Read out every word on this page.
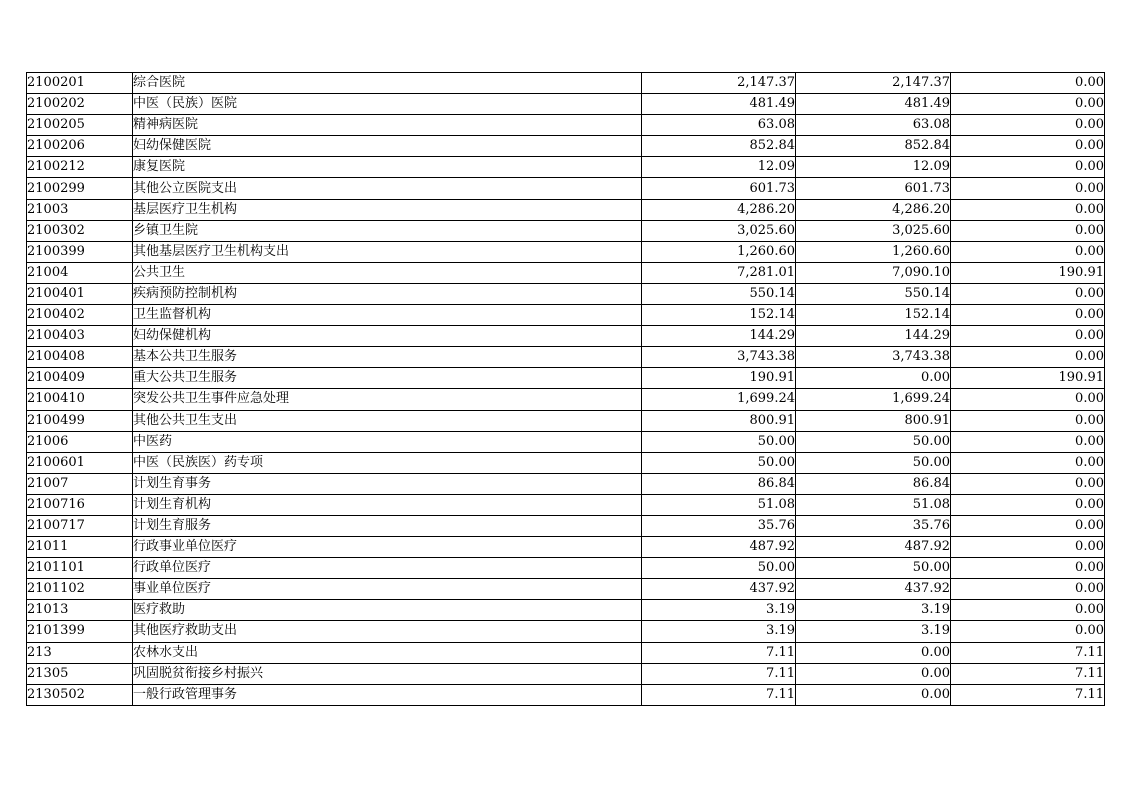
2100201	综合医院	2,147.37	2,147.37	0.00
2100202	中医（民族）医院	481.49	481.49	0.00
2100205	精神病医院	63.08	63.08	0.00
2100206	妇幼保健医院	852.84	852.84	0.00
2100212	康复医院	12.09	12.09	0.00
2100299	其他公立医院支出	601.73	601.73	0.00
21003	基层医疗卫生机构	4,286.20	4,286.20	0.00
2100302	乡镇卫生院	3,025.60	3,025.60	0.00
2100399	其他基层医疗卫生机构支出	1,260.60	1,260.60	0.00
21004	公共卫生	7,281.01	7,090.10	190.91
2100401	疾病预防控制机构	550.14	550.14	0.00
2100402	卫生监督机构	152.14	152.14	0.00
2100403	妇幼保健机构	144.29	144.29	0.00
2100408	基本公共卫生服务	3,743.38	3,743.38	0.00
2100409	重大公共卫生服务	190.91	0.00	190.91
2100410	突发公共卫生事件应急处理	1,699.24	1,699.24	0.00
2100499	其他公共卫生支出	800.91	800.91	0.00
21006	中医药	50.00	50.00	0.00
2100601	中医（民族医）药专项	50.00	50.00	0.00
21007	计划生育事务	86.84	86.84	0.00
2100716	计划生育机构	51.08	51.08	0.00
2100717	计划生育服务	35.76	35.76	0.00
21011	行政事业单位医疗	487.92	487.92	0.00
2101101	行政单位医疗	50.00	50.00	0.00
2101102	事业单位医疗	437.92	437.92	0.00
21013	医疗救助	3.19	3.19	0.00
2101399	其他医疗救助支出	3.19	3.19	0.00
213	农林水支出	7.11	0.00	7.11
21305	巩固脱贫衔接乡村振兴	7.11	0.00	7.11
2130502	一般行政管理事务	7.11	0.00	7.11
